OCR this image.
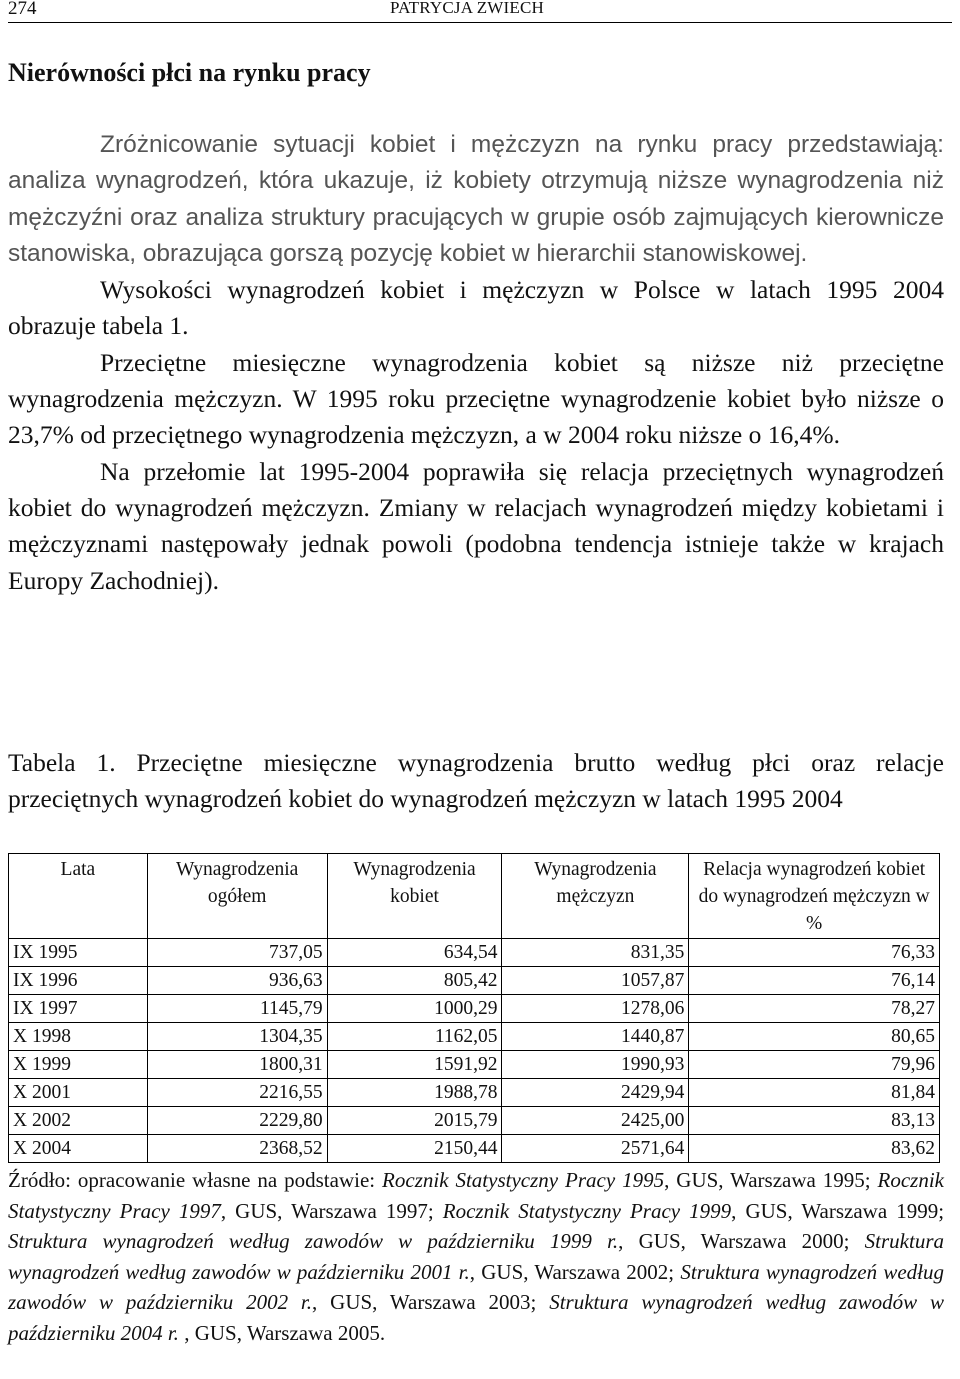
274	PATRYCJA ZWIECH
Nierówności płci na rynku pracy

Zróżnicowanie sytuacji kobiet i mężczyzn na rynku pracy przedstawiają: analiza wynagrodzeń, która ukazuje, iż kobiety otrzymują niższe wynagrodzenia niż mężczyźni oraz analiza struktury pracujących w grupie osób zajmujących kierownicze stanowiska, obrazująca gorszą pozycję kobiet w hierarchii stanowiskowej.

Wysokości wynagrodzeń kobiet i mężczyzn w Polsce w latach 1995 2004 obrazuje tabela 1.

Przeciętne miesięczne wynagrodzenia kobiet są niższe niż przeciętne wynagrodzenia mężczyzn. W 1995 roku przeciętne wynagrodzenie kobiet było niższe o 23,7% od przeciętnego wynagrodzenia mężczyzn, a w 2004 roku niższe o 16,4%.

Na przełomie lat 1995-2004 poprawiła się relacja przeciętnych wynagrodzeń kobiet do wynagrodzeń mężczyzn. Zmiany w relacjach wynagrodzeń między kobietami i mężczyznami następowały jednak powoli (podobna tendencja istnieje także w krajach Europy Zachodniej).

Tabela 1. Przeciętne miesięczne wynagrodzenia brutto według płci oraz relacje przeciętnych wynagrodzeń kobiet do wynagrodzeń mężczyzn w latach 1995 2004

Lata	Wynagrodzenia ogółem	Wynagrodzenia kobiet	Wynagrodzenia mężczyzn	Relacja wynagrodzeń kobiet do wynagrodzeń mężczyzn w %
IX 1995	737,05	634,54	831,35	76,33
IX 1996	936,63	805,42	1057,87	76,14
IX 1997	1145,79	1000,29	1278,06	78,27
X 1998	1304,35	1162,05	1440,87	80,65
X 1999	1800,31	1591,92	1990,93	79,96
X 2001	2216,55	1988,78	2429,94	81,84
X 2002	2229,80	2015,79	2425,00	83,13
X 2004	2368,52	2150,44	2571,64	83,62

Źródło: opracowanie własne na podstawie: Rocznik Statystyczny Pracy 1995, GUS, Warszawa 1995; Rocznik Statystyczny Pracy 1997, GUS, Warszawa 1997; Rocznik Statystyczny Pracy 1999, GUS, Warszawa 1999; Struktura wynagrodzeń według zawodów w październiku 1999 r., GUS, Warszawa 2000; Struktura wynagrodzeń według zawodów w październiku 2001 r., GUS, Warszawa 2002; Struktura wynagrodzeń według zawodów w październiku 2002 r., GUS, Warszawa 2003; Struktura wynagrodzeń według zawodów w październiku 2004 r. , GUS, Warszawa 2005.
